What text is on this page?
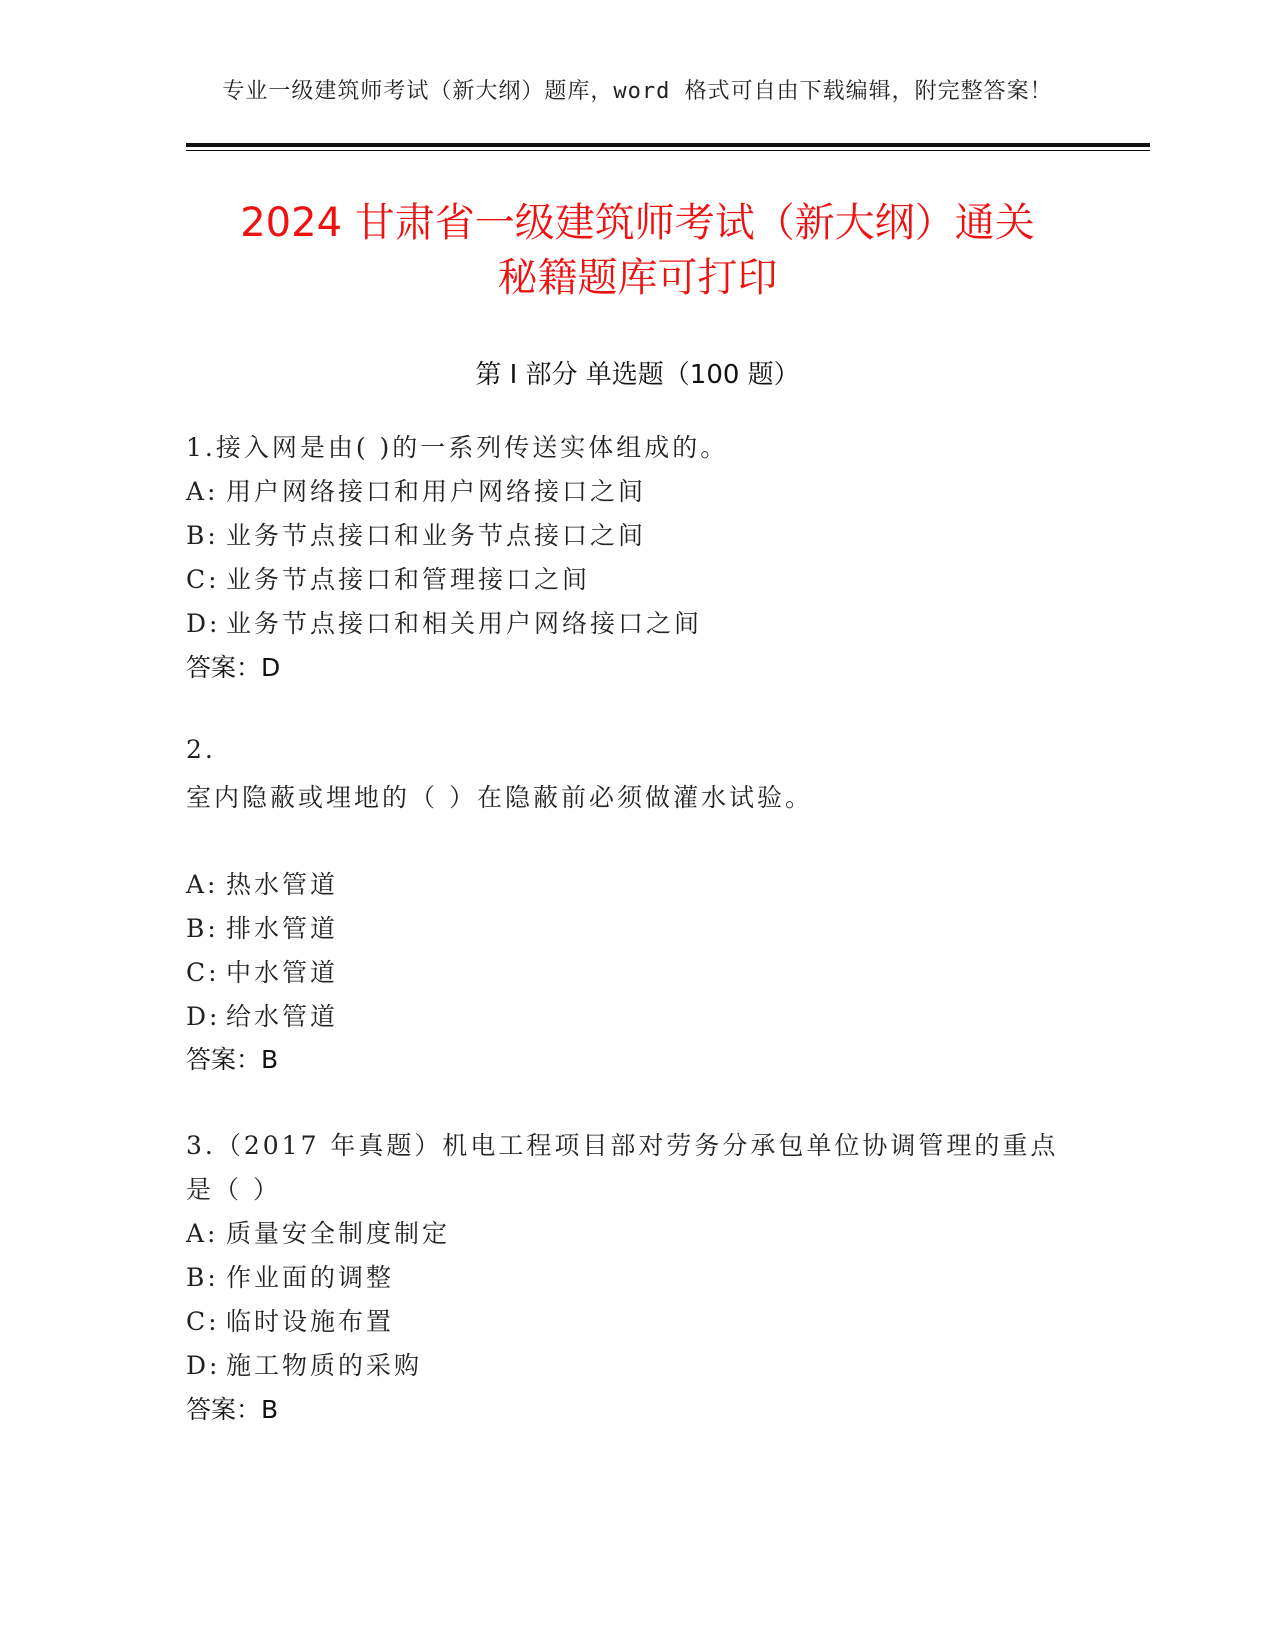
专业一级建筑师考试（新大纲）题库，word 格式可自由下载编辑，附完整答案！
2024 甘肃省一级建筑师考试（新大纲）通关
秘籍题库可打印
第 I 部分 单选题（100 题）
1.接入网是由( )的一系列传送实体组成的。
A: 用户网络接口和用户网络接口之间
B: 业务节点接口和业务节点接口之间
C: 业务节点接口和管理接口之间
D: 业务节点接口和相关用户网络接口之间
答案：D
2.
室内隐蔽或埋地的（ ）在隐蔽前必须做灌水试验。
A: 热水管道
B: 排水管道
C: 中水管道
D: 给水管道
答案：B
3.（2017 年真题）机电工程项目部对劳务分承包单位协调管理的重点
是（ ）
A: 质量安全制度制定
B: 作业面的调整
C: 临时设施布置
D: 施工物质的采购
答案：B
